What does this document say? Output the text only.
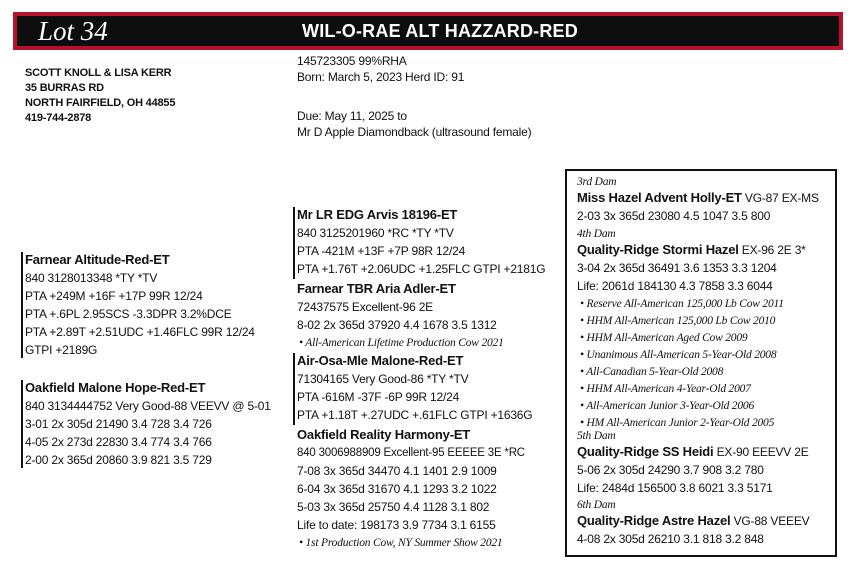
Lot 34	WIL-O-RAE ALT HAZZARD-RED
SCOTT KNOLL & LISA KERR
35 BURRAS RD
NORTH FAIRFIELD, OH 44855
419-744-2878
145723305 99%RHA
Born: March 5, 2023 Herd ID: 91
Due: May 11, 2025 to
Mr D Apple Diamondback (ultrasound female)
Farnear Altitude-Red-ET
840 3128013348 *TY *TV
PTA +249M +16F +17P 99R 12/24
PTA +.6PL 2.95SCS -3.3DPR 3.2%DCE
PTA +2.89T +2.51UDC +1.46FLC 99R 12/24
GTPI +2189G
Oakfield Malone Hope-Red-ET
840 3134444752 Very Good-88 VEEVV @ 5-01
3-01 2x 305d 21490 3.4 728 3.4 726
4-05 2x 273d 22830 3.4 774 3.4 766
2-00 2x 365d 20860 3.9 821 3.5 729
Mr LR EDG Arvis 18196-ET
840 3125201960 *RC *TY *TV
PTA -421M +13F +7P 98R 12/24
PTA +1.76T +2.06UDC +1.25FLC GTPI +2181G
Farnear TBR Aria Adler-ET
72437575 Excellent-96 2E
8-02 2x 365d 37920 4.4 1678 3.5 1312
• All-American Lifetime Production Cow 2021
Air-Osa-Mle Malone-Red-ET
71304165 Very Good-86 *TY *TV
PTA -616M -37F -6P 99R 12/24
PTA +1.18T +.27UDC +.61FLC GTPI +1636G
Oakfield Reality Harmony-ET
840 3006988909 Excellent-95 EEEEE 3E *RC
7-08 3x 365d 34470 4.1 1401 2.9 1009
6-04 3x 365d 31670 4.1 1293 3.2 1022
5-03 3x 365d 25750 4.4 1128 3.1 802
Life to date: 198173 3.9 7734 3.1 6155
• 1st Production Cow, NY Summer Show 2021
3rd Dam
Miss Hazel Advent Holly-ET VG-87 EX-MS
2-03 3x 365d 23080 4.5 1047 3.5 800
4th Dam
Quality-Ridge Stormi Hazel EX-96 2E 3*
3-04 2x 365d 36491 3.6 1353 3.3 1204
Life: 2061d 184130 4.3 7858 3.3 6044
• Reserve All-American 125,000 Lb Cow 2011
• HHM All-American 125,000 Lb Cow 2010
• HHM All-American Aged Cow 2009
• Unanimous All-American 5-Year-Old 2008
• All-Canadian 5-Year-Old 2008
• HHM All-American 4-Year-Old 2007
• All-American Junior 3-Year-Old 2006
• HM All-American Junior 2-Year-Old 2005
5th Dam
Quality-Ridge SS Heidi EX-90 EEEVV 2E
5-06 2x 305d 24290 3.7 908 3.2 780
Life: 2484d 156500 3.8 6021 3.3 5171
6th Dam
Quality-Ridge Astre Hazel VG-88 VEEEV
4-08 2x 305d 26210 3.1 818 3.2 848
